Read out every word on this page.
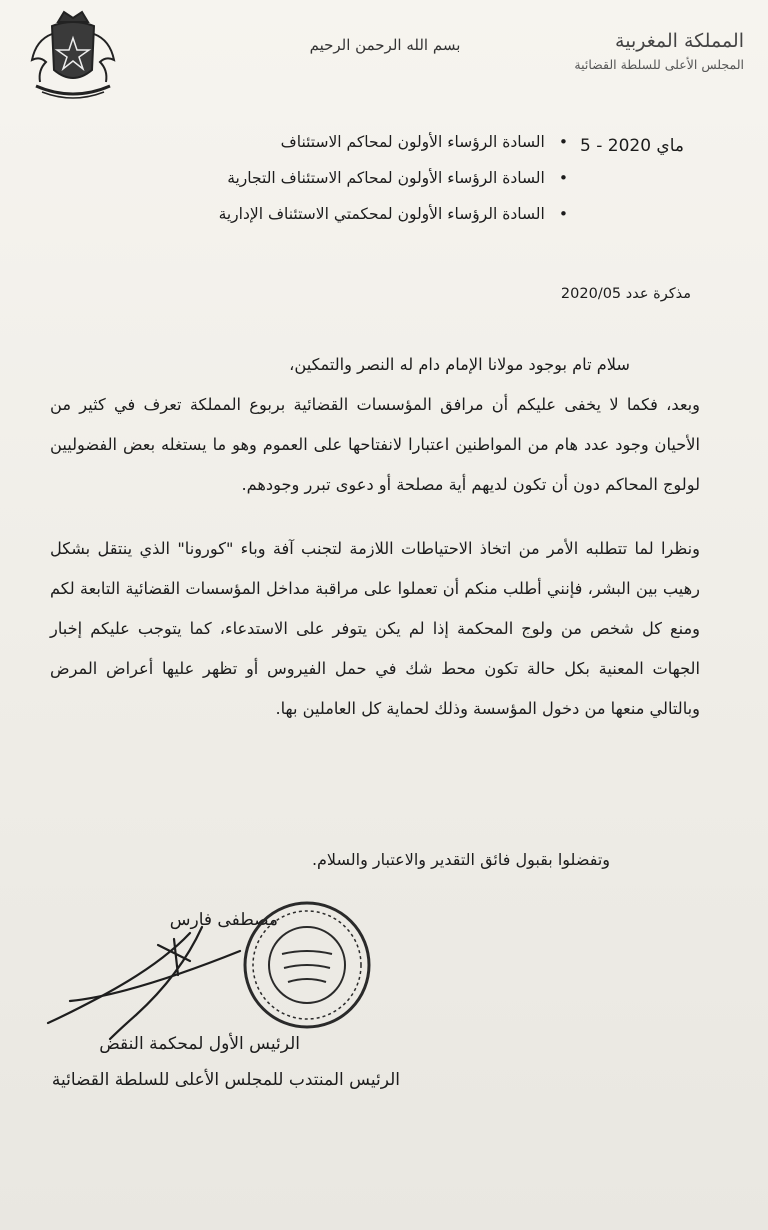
بسم الله الرحمن الرحيم	المملكة المغربية
المجلس الأعلى للسلطة القضائية
5 - ماي 2020
• السادة الرؤساء الأولون لمحاكم الاستئناف
• السادة الرؤساء الأولون لمحاكم الاستئناف التجارية
• السادة الرؤساء الأولون لمحكمتي الاستئناف الإدارية
مذكرة عدد 2020/05

سلام تام بوجود مولانا الإمام دام له النصر والتمكين،

وبعد، فكما لا يخفى عليكم أن مرافق المؤسسات القضائية بربوع المملكة تعرف في كثير من الأحيان وجود عدد هام من المواطنين اعتبارا لانفتاحها على العموم وهو ما يستغله بعض الفضوليين لولوج المحاكم دون أن تكون لديهم أية مصلحة أو دعوى تبرر وجودهم.

ونظرا لما تتطلبه الأمر من اتخاذ الاحتياطات اللازمة لتجنب آفة وباء "كورونا" الذي ينتقل بشكل رهيب بين البشر، فإنني أطلب منكم أن تعملوا على مراقبة مداخل المؤسسات القضائية التابعة لكم ومنع كل شخص من ولوج المحكمة إذا لم يكن يتوفر على الاستدعاء، كما يتوجب عليكم إخبار الجهات المعنية بكل حالة تكون محط شك في حمل الفيروس أو تظهر عليها أعراض المرض وبالتالي منعها من دخول المؤسسة وذلك لحماية كل العاملين بها.

وتفضلوا بقبول فائق التقدير والاعتبار والسلام.
مصطفى فارس
الرئيس الأول لمحكمة النقض
الرئيس المنتدب للمجلس الأعلى للسلطة القضائية
